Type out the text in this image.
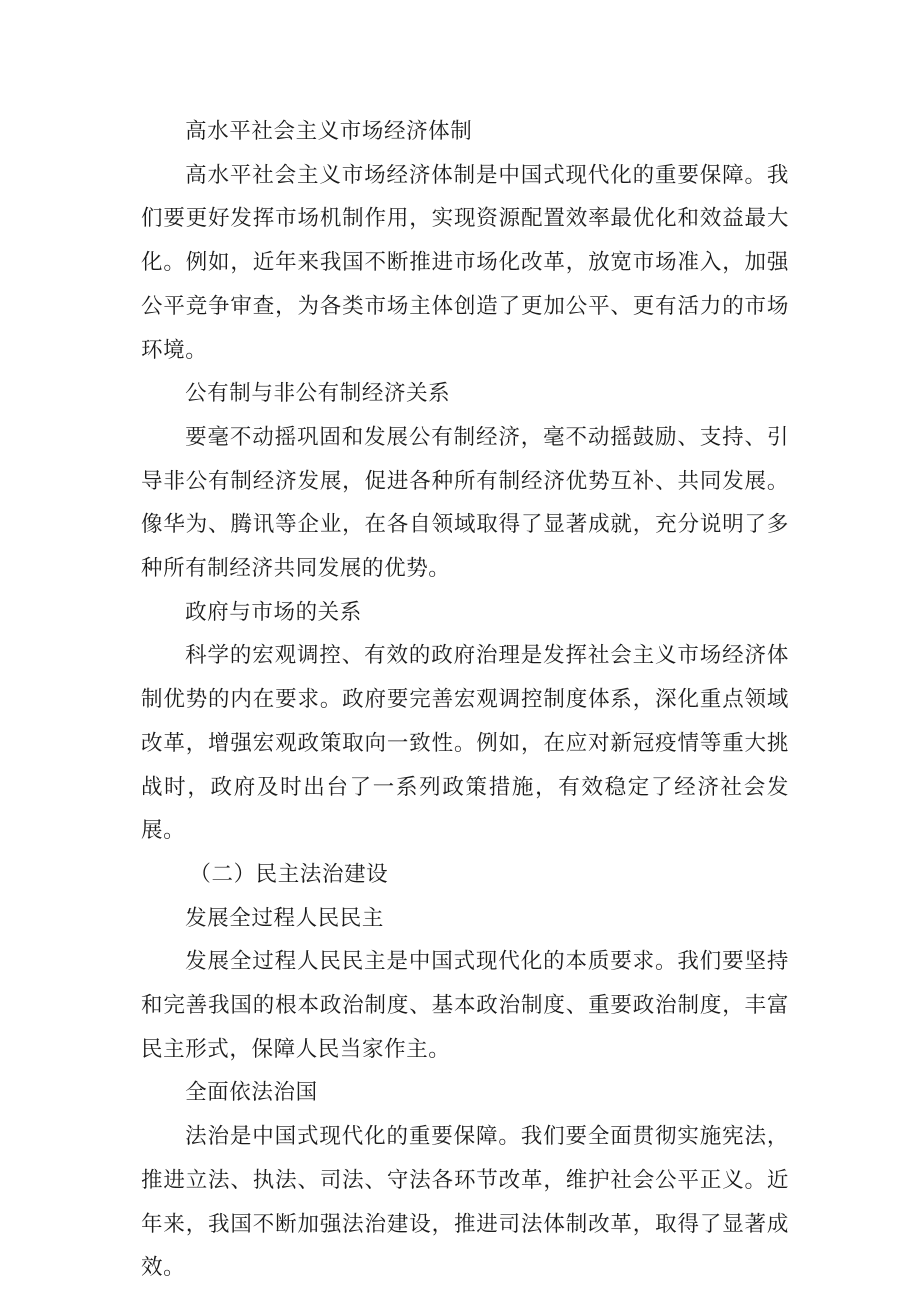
高水平社会主义市场经济体制

高水平社会主义市场经济体制是中国式现代化的重要保障。我们要更好发挥市场机制作用，实现资源配置效率最优化和效益最大化。例如，近年来我国不断推进市场化改革，放宽市场准入，加强公平竞争审查，为各类市场主体创造了更加公平、更有活力的市场环境。

公有制与非公有制经济关系

要毫不动摇巩固和发展公有制经济，毫不动摇鼓励、支持、引导非公有制经济发展，促进各种所有制经济优势互补、共同发展。像华为、腾讯等企业，在各自领域取得了显著成就，充分说明了多种所有制经济共同发展的优势。

政府与市场的关系

科学的宏观调控、有效的政府治理是发挥社会主义市场经济体制优势的内在要求。政府要完善宏观调控制度体系，深化重点领域改革，增强宏观政策取向一致性。例如，在应对新冠疫情等重大挑战时，政府及时出台了一系列政策措施，有效稳定了经济社会发展。

（二）民主法治建设

发展全过程人民民主

发展全过程人民民主是中国式现代化的本质要求。我们要坚持和完善我国的根本政治制度、基本政治制度、重要政治制度，丰富民主形式，保障人民当家作主。

全面依法治国

法治是中国式现代化的重要保障。我们要全面贯彻实施宪法，推进立法、执法、司法、守法各环节改革，维护社会公平正义。近年来，我国不断加强法治建设，推进司法体制改革，取得了显著成效。
